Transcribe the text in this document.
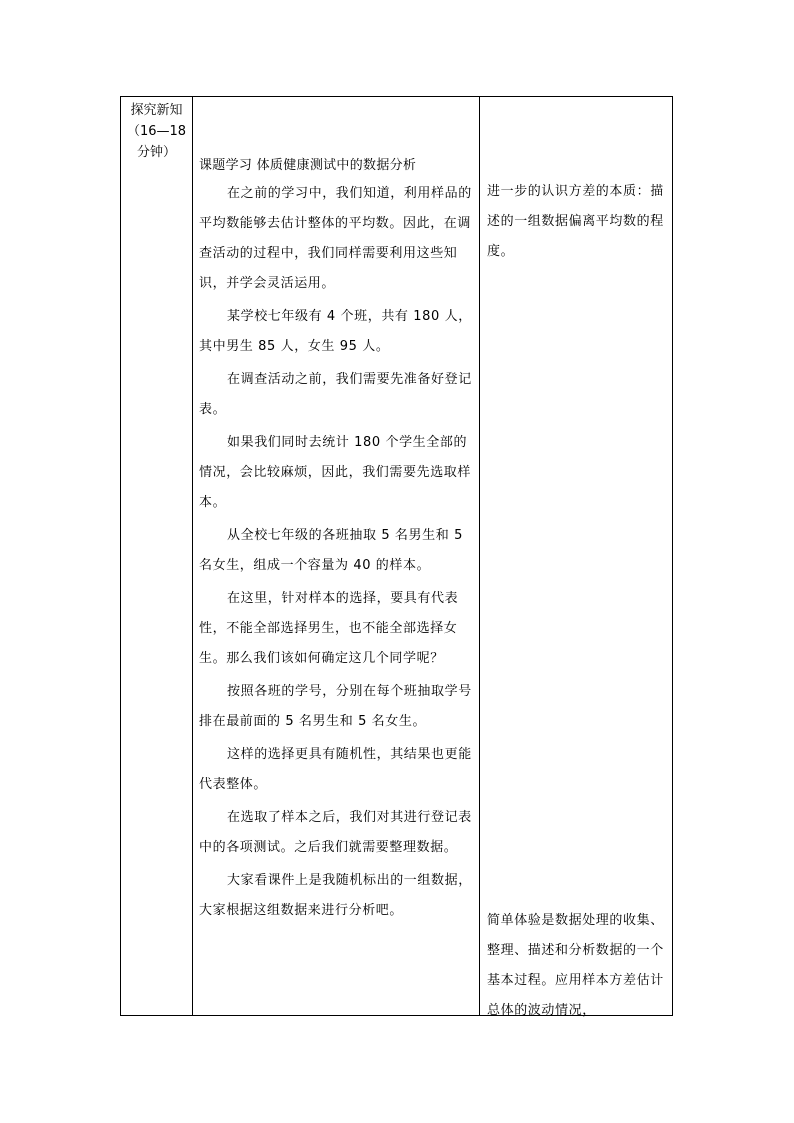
探究新知
（16—18
分钟）

课题学习 体质健康测试中的数据分析

在之前的学习中，我们知道，利用样品的平均数能够去估计整体的平均数。因此，在调查活动的过程中，我们同样需要利用这些知识，并学会灵活运用。

某学校七年级有 4 个班，共有 180 人，其中男生 85 人，女生 95 人。

在调查活动之前，我们需要先准备好登记表。

如果我们同时去统计 180 个学生全部的情况，会比较麻烦，因此，我们需要先选取样本。

从全校七年级的各班抽取 5 名男生和 5 名女生，组成一个容量为 40 的样本。

在这里，针对样本的选择，要具有代表性，不能全部选择男生，也不能全部选择女生。那么我们该如何确定这几个同学呢？

按照各班的学号，分别在每个班抽取学号排在最前面的 5 名男生和 5 名女生。

这样的选择更具有随机性，其结果也更能代表整体。

在选取了样本之后，我们对其进行登记表中的各项测试。之后我们就需要整理数据。

大家看课件上是我随机标出的一组数据，大家根据这组数据来进行分析吧。

进一步的认识方差的本质：描述的一组数据偏离平均数的程度。

简单体验是数据处理的收集、整理、描述和分析数据的一个基本过程。应用样本方差估计总体的波动情况，
